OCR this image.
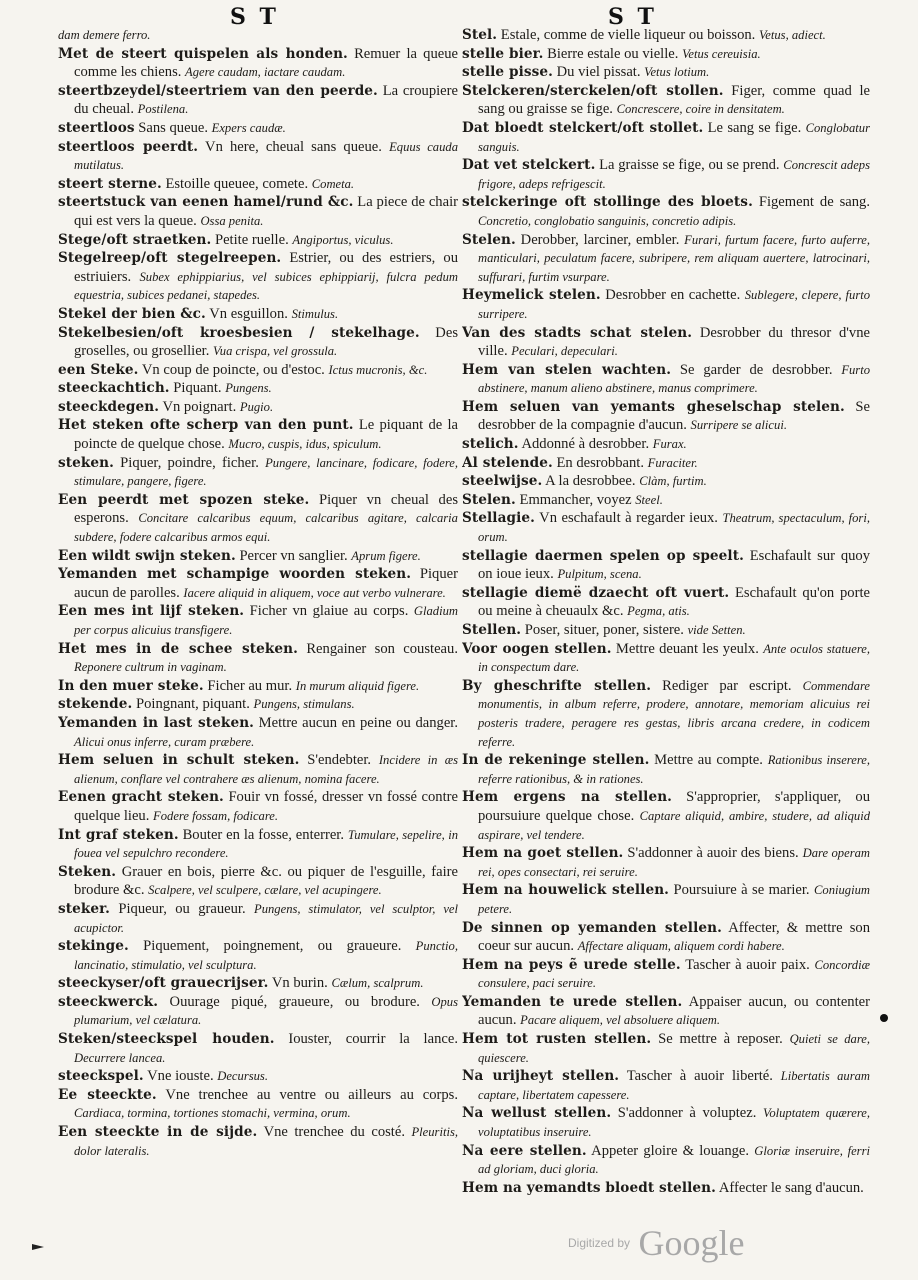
S T	S T

dam demere ferro.

Met de steert quispelen als honden. Remuer la queue comme les chiens. Agere caudam, iactare caudam.

steertbzeydel/steertriem van den peerde. La croupiere du cheual. Postilena.

steertloos Sans queue. Expers caudæ.

steertloos peerdt. Vn here, cheual sans queue. Equus cauda mutilatus.

steert sterne. Estoille queuee, comete. Cometa.

steertstuck van eenen hamel/rund &c. La piece de chair qui est vers la queue. Ossa penita.

Stege/oft straetken. Petite ruelle. Angiportus, viculus.

Stegelreep/oft stegelreepen. Estrier, ou des estriers, ou estriuiers. Subex ephippiarius, vel subices ephippiarij, fulcra pedum equestria, subices pedanei, stapedes.

Stekel der bien &c. Vn esguillon. Stimulus.

Stekelbesien/oft kroesbesien / stekelhage. Des groselles, ou grosellier. Vua crispa, vel grossula.

een Steke. Vn coup de poincte, ou d'estoc. Ictus mucronis, &c.

steeckachtich. Piquant. Pungens.

steeckdegen. Vn poignart. Pugio.

Het steken ofte scherp van den punt. Le piquant de la poincte de quelque chose. Mucro, cuspis, idus, spiculum.

steken. Piquer, poindre, ficher. Pungere, lancinare, fodicare, fodere, stimulare, pangere, figere.

Een peerdt met spozen steke. Piquer vn cheual des esperons. Concitare calcaribus equum, calcaribus agitare, calcaria subdere, fodere calcaribus armos equi.

Een wildt swijn steken. Percer vn sanglier. Aprum figere.

Yemanden met schampige woorden steken. Piquer aucun de parolles. Iacere aliquid in aliquem, voce aut verbo vulnerare.

Een mes int lijf steken. Ficher vn glaiue au corps. Gladium per corpus alicuius transfigere.

Het mes in de schee steken. Rengainer son cousteau. Reponere cultrum in vaginam.

In den muer steke. Ficher au mur. In murum aliquid figere.

stekende. Poingnant, piquant. Pungens, stimulans.

Yemanden in last steken. Mettre aucun en peine ou danger. Alicui onus inferre, curam præbere.

Hem seluen in schult steken. S'endebter. Incidere in æs alienum, conflare vel contrahere æs alienum, nomina facere.

Eenen gracht steken. Fouir vn fossé, dresser vn fossé contre quelque lieu. Fodere fossam, fodicare.

Int graf steken. Bouter en la fosse, enterrer. Tumulare, sepelire, in fouea vel sepulchro recondere.

Steken. Grauer en bois, pierre &c. ou piquer de l'esguille, faire brodure &c. Scalpere, vel sculpere, cælare, vel acupingere.

steker. Piqueur, ou graueur. Pungens, stimulator, vel sculptor, vel acupictor.

stekinge. Piquement, poingnement, ou graueure. Punctio, lancinatio, stimulatio, vel sculptura.

steeckyser/oft grauecrijser. Vn burin. Cælum, scalprum.

steeckwerck. Ouurage piqué, graueure, ou brodure. Opus plumarium, vel cælatura.

Steken/steeckspel houden. Iouster, courrir la lance. Decurrere lancea.

steeckspel. Vne iouste. Decursus.

Ee steeckte. Vne trenchee au ventre ou ailleurs au corps. Cardiaca, tormina, tortiones stomachi, vermina, orum.

Een steeckte in de sijde. Vne trenchee du costé. Pleuritis, dolor lateralis.

Stel. Estale, comme de vielle liqueur ou boisson. Vetus, adiect.

stelle bier. Bierre estale ou vielle. Vetus cereuisia.

stelle pisse. Du viel pissat. Vetus lotium.

Stelckeren/sterckelen/oft stollen. Figer, comme quad le sang ou graisse se fige. Concrescere, coire in densitatem.

Dat bloedt stelckert/oft stollet. Le sang se fige. Conglobatur sanguis.

Dat vet stelckert. La graisse se fige, ou se prend. Concrescit adeps frigore, adeps refrigescit.

stelckeringe oft stollinge des bloets. Figement de sang. Concretio, conglobatio sanguinis, concretio adipis.

Stelen. Derobber, larciner, embler. Furari, furtum facere, furto auferre, manticulari, peculatum facere, subripere, rem aliquam auertere, latrocinari, suffurari, furtim vsurpare.

Heymelick stelen. Desrobber en cachette. Sublegere, clepere, furto surripere.

Van des stadts schat stelen. Desrobber du thresor d'vne ville. Peculari, depeculari.

Hem van stelen wachten. Se garder de desrobber. Furto abstinere, manum alieno abstinere, manus comprimere.

Hem seluen van yemants gheselschap stelen. Se desrobber de la compagnie d'aucun. Surripere se alicui.

stelich. Addonné à desrobber. Furax.

Al stelende. En desrobbant. Furaciter.

steelwijse. A la desrobbee. Clàm, furtim.

Stelen. Emmancher, voyez Steel.

Stellagie. Vn eschafault à regarder ieux. Theatrum, spectaculum, fori, orum.

stellagie daermen spelen op speelt. Eschafault sur quoy on ioue ieux. Pulpitum, scena.

stellagie diemë dzaecht oft vuert. Eschafault qu'on porte ou meine à cheuaulx &c. Pegma, atis.

Stellen. Poser, situer, poner, sistere. vide Setten.

Voor oogen stellen. Mettre deuant les yeulx. Ante oculos statuere, in conspectum dare.

By gheschrifte stellen. Rediger par escript. Commendare monumentis, in album referre, prodere, annotare, memoriam alicuius rei posteris tradere, peragere res gestas, libris arcana credere, in codicem referre.

In de rekeninge stellen. Mettre au compte. Rationibus inserere, referre rationibus, & in rationes.

Hem ergens na stellen. S'approprier, s'appliquer, ou poursuiure quelque chose. Captare aliquid, ambire, studere, ad aliquid aspirare, vel tendere.

Hem na goet stellen. S'addonner à auoir des biens. Dare operam rei, opes consectari, rei seruire.

Hem na houwelick stellen. Poursuiure à se marier. Coniugium petere.

De sinnen op yemanden stellen. Affecter, & mettre son coeur sur aucun. Affectare aliquam, aliquem cordi habere.

Hem na peys ẽ urede stelle. Tascher à auoir paix. Concordiæ consulere, paci seruire.

Yemanden te urede stellen. Appaiser aucun, ou contenter aucun. Pacare aliquem, vel absoluere aliquem.

Hem tot rusten stellen. Se mettre à reposer. Quieti se dare, quiescere.

Na urijheyt stellen. Tascher à auoir liberté. Libertatis auram captare, libertatem capessere.

Na wellust stellen. S'addonner à voluptez. Voluptatem quærere, voluptatibus inseruire.

Na eere stellen. Appeter gloire & louange. Gloriæ inseruire, ferri ad gloriam, duci gloria.

Hem na yemandts bloedt stellen. Affecter le sang d'aucun.

Digitized by Google
